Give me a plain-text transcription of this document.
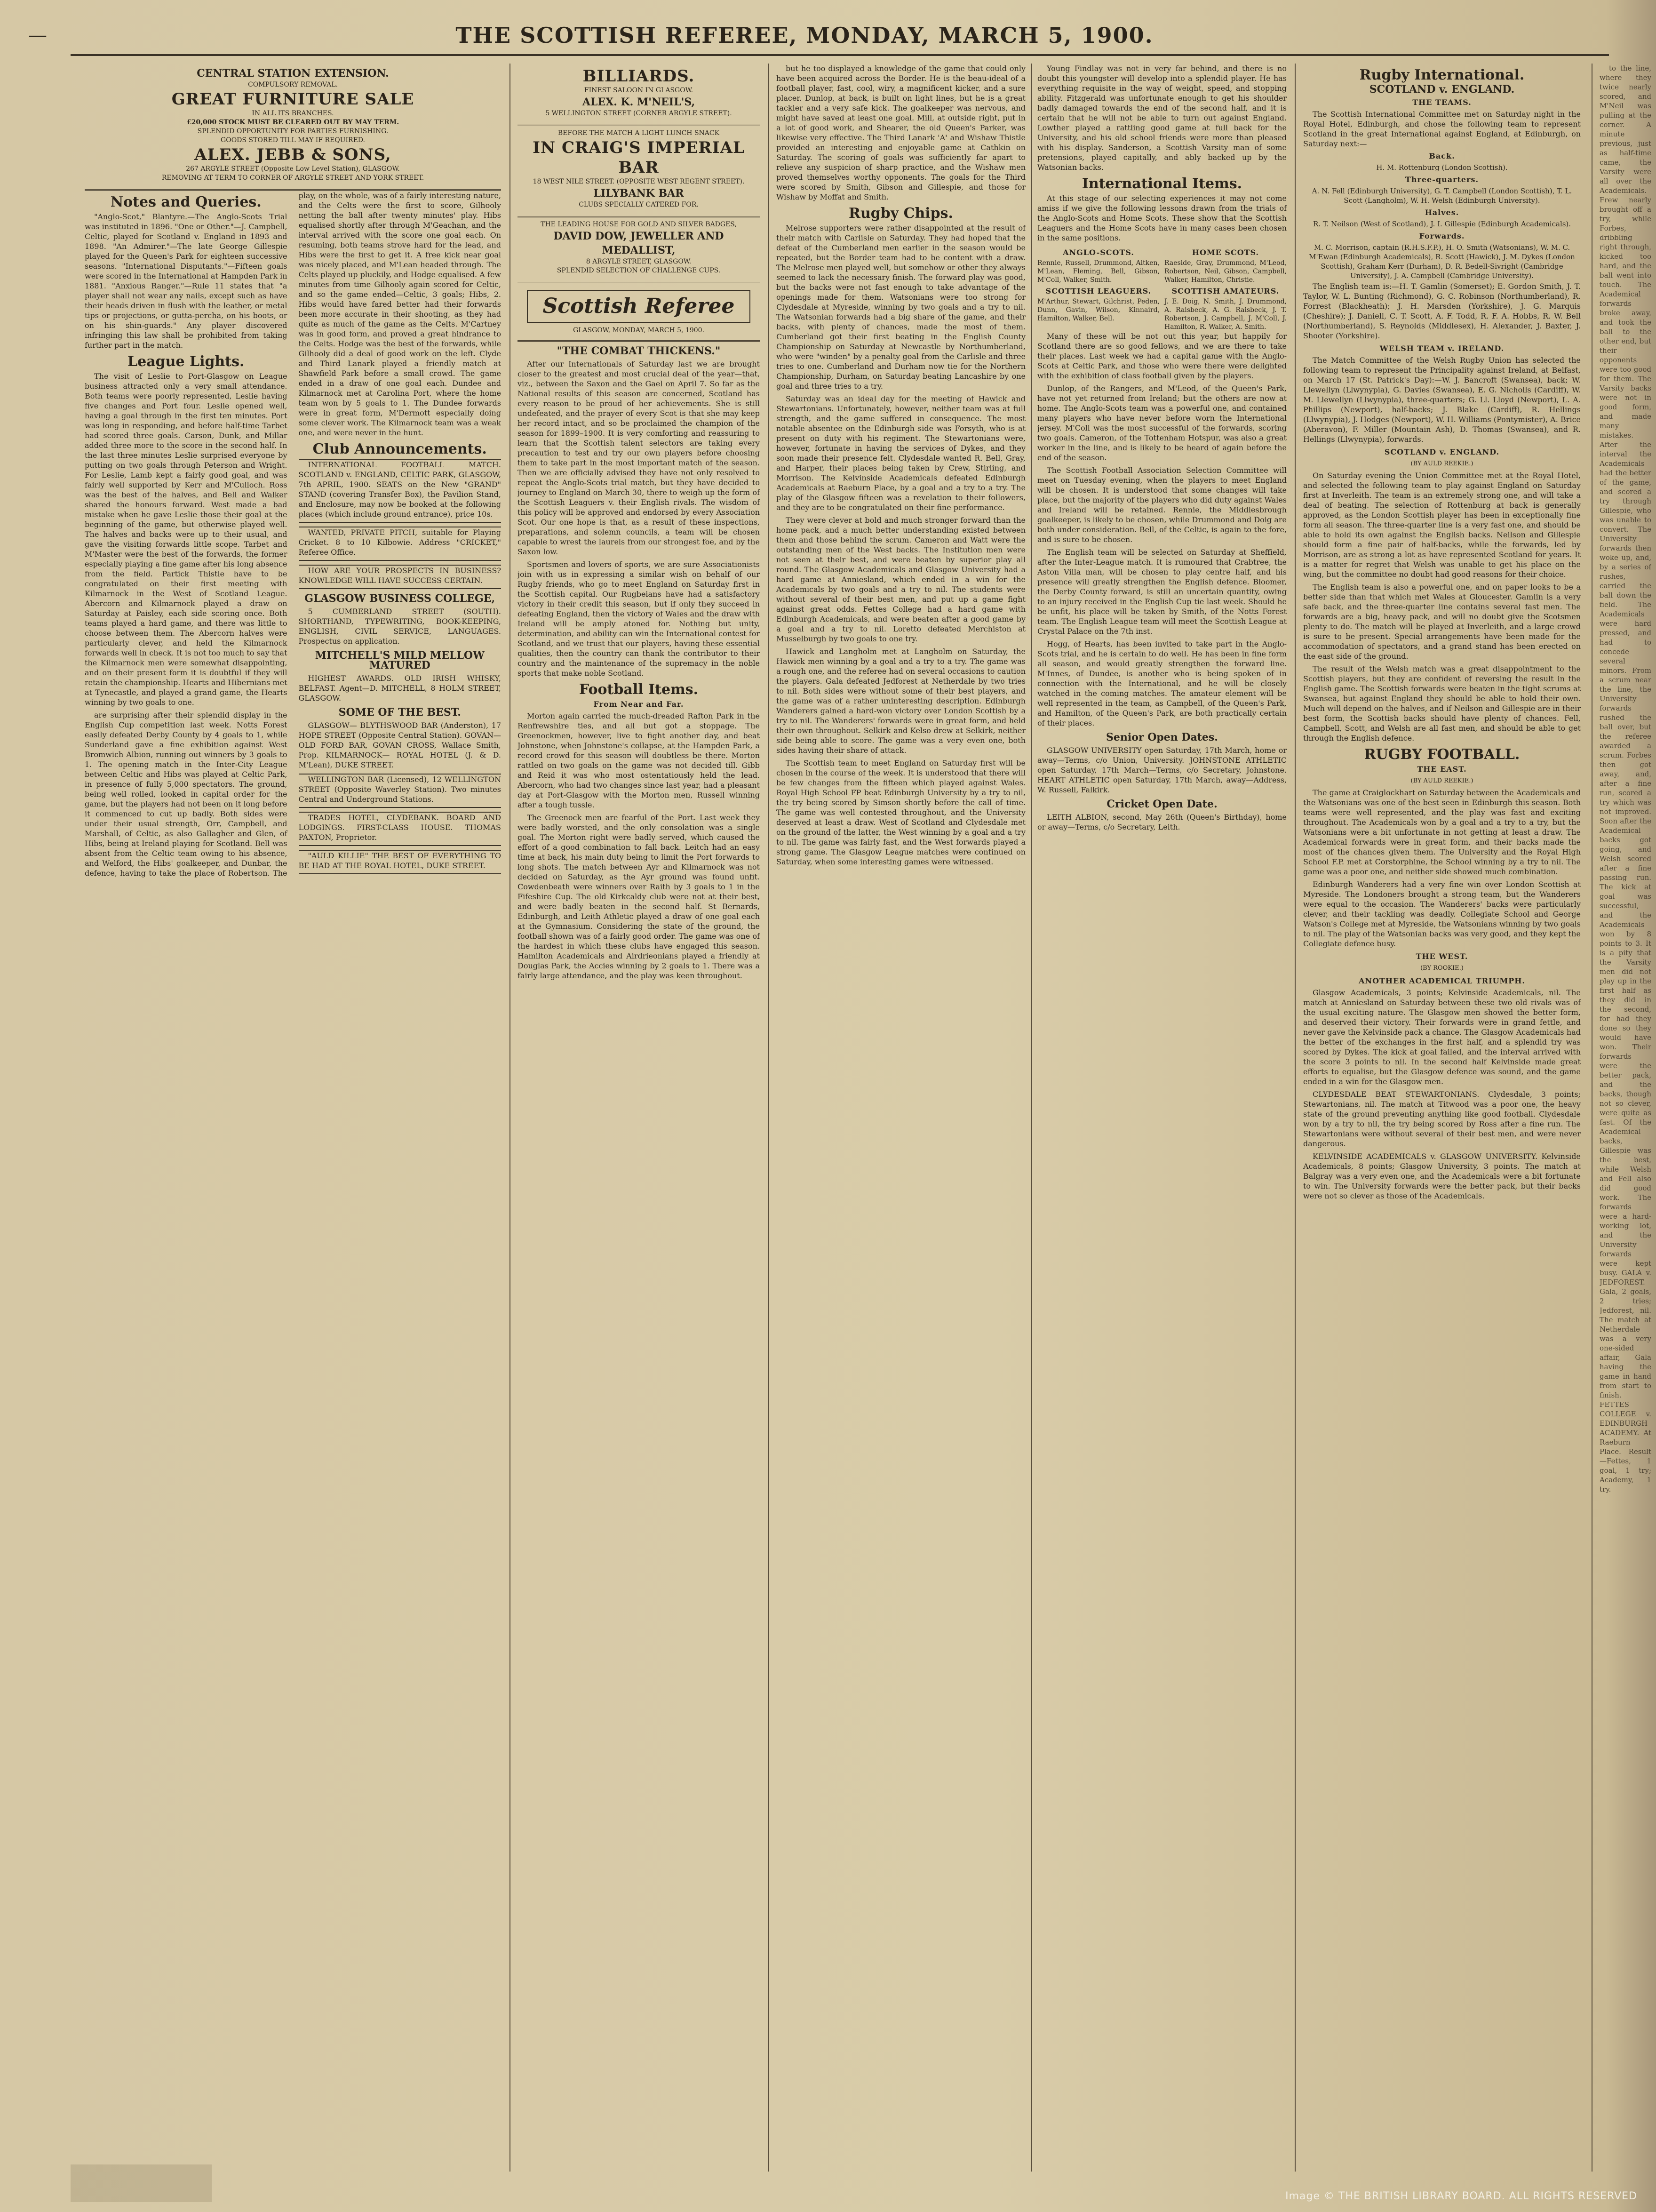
—	THE SCOTTISH REFEREE, MONDAY, MARCH 5, 1900.
CENTRAL STATION EXTENSION.
COMPULSORY REMOVAL.
GREAT FURNITURE SALE
IN ALL ITS BRANCHES.
£20,000 STOCK MUST BE CLEARED OUT BY MAY TERM.
SPLENDID OPPORTUNITY FOR PARTIES FURNISHING.
GOODS STORED TILL MAY IF REQUIRED.
ALEX. JEBB & SONS,
267 ARGYLE STREET (Opposite Low Level Station), GLASGOW.
REMOVING AT TERM TO CORNER OF ARGYLE STREET AND YORK STREET.
Notes and Queries.

"Anglo-Scot," Blantyre.—The Anglo-Scots Trial was instituted in 1896. "One or Other."—J. Campbell, Celtic, played for Scotland v. England in 1893 and 1898. "An Admirer."—The late George Gillespie played for the Queen's Park for eighteen successive seasons. "International Disputants."—Fifteen goals were scored in the International at Hampden Park in 1881. "Anxious Ranger."—Rule 11 states that "a player shall not wear any nails, except such as have their heads driven in flush with the leather, or metal tips or projections, or gutta-percha, on his boots, or on his shin-guards." Any player discovered infringing this law shall be prohibited from taking further part in the match.

League Lights.

The visit of Leslie to Port-Glasgow on League business attracted only a very small attendance. Both teams were poorly represented, Leslie having five changes and Port four. Leslie opened well, having a goal through in the first ten minutes. Port was long in responding, and before half-time Tarbet had scored three goals. Carson, Dunk, and Millar added three more to the score in the second half. In the last three minutes Leslie surprised everyone by putting on two goals through Peterson and Wright. For Leslie, Lamb kept a fairly good goal, and was fairly well supported by Kerr and M'Culloch. Ross was the best of the halves, and Bell and Walker shared the honours forward. West made a bad mistake when he gave Leslie those their goal at the beginning of the game, but otherwise played well. The halves and backs were up to their usual, and gave the visiting forwards little scope. Tarbet and M'Master were the best of the forwards, the former especially playing a fine game after his long absence from the field. Partick Thistle have to be congratulated on their first meeting with Kilmarnock in the West of Scotland League. Abercorn and Kilmarnock played a draw on Saturday at Paisley, each side scoring once. Both teams played a hard game, and there was little to choose between them. The Abercorn halves were particularly clever, and held the Kilmarnock forwards well in check. It is not too much to say that the Kilmarnock men were somewhat disappointing, and on their present form it is doubtful if they will retain the championship. Hearts and Hibernians met at Tynecastle, and played a grand game, the Hearts winning by two goals to one.

are surprising after their splendid display in the English Cup competition last week. Notts Forest easily defeated Derby County by 4 goals to 1, while Sunderland gave a fine exhibition against West Bromwich Albion, running out winners by 3 goals to 1. The opening match in the Inter-City League between Celtic and Hibs was played at Celtic Park, in presence of fully 5,000 spectators. The ground, being well rolled, looked in capital order for the game, but the players had not been on it long before it commenced to cut up badly. Both sides were under their usual strength, Orr, Campbell, and Marshall, of Celtic, as also Gallagher and Glen, of Hibs, being at Ireland playing for Scotland. Bell was absent from the Celtic team owing to his absence, and Welford, the Hibs' goalkeeper, and Dunbar, the defence, having to take the place of Robertson. The play, on the whole, was of a fairly interesting nature, and the Celts were the first to score, Gilhooly netting the ball after twenty minutes' play. Hibs equalised shortly after through M'Geachan, and the interval arrived with the score one goal each. On resuming, both teams strove hard for the lead, and Hibs were the first to get it. A free kick near goal was nicely placed, and M'Lean headed through. The Celts played up pluckily, and Hodge equalised. A few minutes from time Gilhooly again scored for Celtic, and so the game ended—Celtic, 3 goals; Hibs, 2. Hibs would have fared better had their forwards been more accurate in their shooting, as they had quite as much of the game as the Celts. M'Cartney was in good form, and proved a great hindrance to the Celts. Hodge was the best of the forwards, while Gilhooly did a deal of good work on the left. Clyde and Third Lanark played a friendly match at Shawfield Park before a small crowd. The game ended in a draw of one goal each. Dundee and Kilmarnock met at Carolina Port, where the home team won by 5 goals to 1. The Dundee forwards were in great form, M'Dermott especially doing some clever work. The Kilmarnock team was a weak one, and were never in the hunt.

Club Announcements.

INTERNATIONAL FOOTBALL MATCH. SCOTLAND v. ENGLAND, CELTIC PARK, GLASGOW, 7th APRIL, 1900. SEATS on the New "GRAND" STAND (covering Transfer Box), the Pavilion Stand, and Enclosure, may now be booked at the following places (which include ground entrance), price 10s.

WANTED, PRIVATE PITCH, suitable for Playing Cricket. 8 to 10 Kilbowie. Address "CRICKET," Referee Office.

HOW ARE YOUR PROSPECTS IN BUSINESS? KNOWLEDGE WILL HAVE SUCCESS CERTAIN.

GLASGOW BUSINESS COLLEGE,

5 CUMBERLAND STREET (SOUTH). SHORTHAND, TYPEWRITING, BOOK-KEEPING, ENGLISH, CIVIL SERVICE, LANGUAGES. Prospectus on application.

MITCHELL'S MILD MELLOW MATURED

HIGHEST AWARDS. OLD IRISH WHISKY, BELFAST. Agent—D. MITCHELL, 8 HOLM STREET, GLASGOW.

SOME OF THE BEST.

GLASGOW— BLYTHSWOOD BAR (Anderston), 17 HOPE STREET (Opposite Central Station). GOVAN— OLD FORD BAR, GOVAN CROSS, Wallace Smith, Prop. KILMARNOCK— ROYAL HOTEL (J. & D. M'Lean), DUKE STREET.

WELLINGTON BAR (Licensed), 12 WELLINGTON STREET (Opposite Waverley Station). Two minutes Central and Underground Stations.

TRADES HOTEL, CLYDEBANK. BOARD AND LODGINGS. FIRST-CLASS HOUSE. THOMAS PAXTON, Proprietor.

"AULD KILLIE" THE BEST OF EVERYTHING TO BE HAD AT THE ROYAL HOTEL, DUKE STREET.

BILLIARDS.
FINEST SALOON IN GLASGOW.
ALEX. K. M'NEIL'S,
5 WELLINGTON STREET (CORNER ARGYLE STREET).
BEFORE THE MATCH A LIGHT LUNCH SNACK
IN CRAIG'S IMPERIAL BAR
18 WEST NILE STREET. (OPPOSITE WEST REGENT STREET).
LILYBANK BAR
CLUBS SPECIALLY CATERED FOR.
THE LEADING HOUSE FOR GOLD AND SILVER BADGES,
DAVID DOW, JEWELLER AND MEDALLIST,
8 ARGYLE STREET, GLASGOW.
SPLENDID SELECTION OF CHALLENGE CUPS.
Scottish Referee
GLASGOW, MONDAY, MARCH 5, 1900.
"THE COMBAT THICKENS."

After our Internationals of Saturday last we are brought closer to the greatest and most crucial deal of the year—that, viz., between the Saxon and the Gael on April 7. So far as the National results of this season are concerned, Scotland has every reason to be proud of her achievements. She is still undefeated, and the prayer of every Scot is that she may keep her record intact, and so be proclaimed the champion of the season for 1899–1900. It is very comforting and reassuring to learn that the Scottish talent selectors are taking every precaution to test and try our own players before choosing them to take part in the most important match of the season. Then we are officially advised they have not only resolved to repeat the Anglo-Scots trial match, but they have decided to journey to England on March 30, there to weigh up the form of the Scottish Leaguers v. their English rivals. The wisdom of this policy will be approved and endorsed by every Association Scot. Our one hope is that, as a result of these inspections, preparations, and solemn councils, a team will be chosen capable to wrest the laurels from our strongest foe, and by the Saxon low.

Sportsmen and lovers of sports, we are sure Associationists join with us in expressing a similar wish on behalf of our Rugby friends, who go to meet England on Saturday first in the Scottish capital. Our Rugbeians have had a satisfactory victory in their credit this season, but if only they succeed in defeating England, then the victory of Wales and the draw with Ireland will be amply atoned for. Nothing but unity, determination, and ability can win the International contest for Scotland, and we trust that our players, having these essential qualities, then the country can thank the contributor to their country and the maintenance of the supremacy in the noble sports that make noble Scotland.

Football Items.
From Near and Far.

Morton again carried the much-dreaded Rafton Park in the Renfrewshire ties, and all but got a stoppage. The Greenockmen, however, live to fight another day, and beat Johnstone, when Johnstone's collapse, at the Hampden Park, a record crowd for this season will doubtless be there. Morton rattled on two goals on the game was not decided till. Gibb and Reid it was who most ostentatiously held the lead. Abercorn, who had two changes since last year, had a pleasant day at Port-Glasgow with the Morton men, Russell winning after a tough tussle.

The Greenock men are fearful of the Port. Last week they were badly worsted, and the only consolation was a single goal. The Morton right were badly served, which caused the effort of a good combination to fall back. Leitch had an easy time at back, his main duty being to limit the Port forwards to long shots. The match between Ayr and Kilmarnock was not decided on Saturday, as the Ayr ground was found unfit. Cowdenbeath were winners over Raith by 3 goals to 1 in the Fifeshire Cup. The old Kirkcaldy club were not at their best, and were badly beaten in the second half. St Bernards, Edinburgh, and Leith Athletic played a draw of one goal each at the Gymnasium. Considering the state of the ground, the football shown was of a fairly good order. The game was one of the hardest in which these clubs have engaged this season. Hamilton Academicals and Airdrieonians played a friendly at Douglas Park, the Accies winning by 2 goals to 1. There was a fairly large attendance, and the play was keen throughout.

but he too displayed a knowledge of the game that could only have been acquired across the Border. He is the beau-ideal of a football player, fast, cool, wiry, a magnificent kicker, and a sure placer. Dunlop, at back, is built on light lines, but he is a great tackler and a very safe kick. The goalkeeper was nervous, and might have saved at least one goal. Mill, at outside right, put in a lot of good work, and Shearer, the old Queen's Parker, was likewise very effective. The Third Lanark 'A' and Wishaw Thistle provided an interesting and enjoyable game at Cathkin on Saturday. The scoring of goals was sufficiently far apart to relieve any suspicion of sharp practice, and the Wishaw men proved themselves worthy opponents. The goals for the Third were scored by Smith, Gibson and Gillespie, and those for Wishaw by Moffat and Smith.

Rugby Chips.

Melrose supporters were rather disappointed at the result of their match with Carlisle on Saturday. They had hoped that the defeat of the Cumberland men earlier in the season would be repeated, but the Border team had to be content with a draw. The Melrose men played well, but somehow or other they always seemed to lack the necessary finish. The forward play was good, but the backs were not fast enough to take advantage of the openings made for them. Watsonians were too strong for Clydesdale at Myreside, winning by two goals and a try to nil. The Watsonian forwards had a big share of the game, and their backs, with plenty of chances, made the most of them. Cumberland got their first beating in the English County Championship on Saturday at Newcastle by Northumberland, who were "winden" by a penalty goal from the Carlisle and three tries to one. Cumberland and Durham now tie for the Northern Championship, Durham, on Saturday beating Lancashire by one goal and three tries to a try.

Saturday was an ideal day for the meeting of Hawick and Stewartonians. Unfortunately, however, neither team was at full strength, and the game suffered in consequence. The most notable absentee on the Edinburgh side was Forsyth, who is at present on duty with his regiment. The Stewartonians were, however, fortunate in having the services of Dykes, and they soon made their presence felt. Clydesdale wanted R. Bell, Gray, and Harper, their places being taken by Crew, Stirling, and Morrison. The Kelvinside Academicals defeated Edinburgh Academicals at Raeburn Place, by a goal and a try to a try. The play of the Glasgow fifteen was a revelation to their followers, and they are to be congratulated on their fine performance.

They were clever at bold and much stronger forward than the home pack, and a much better understanding existed between them and those behind the scrum. Cameron and Watt were the outstanding men of the West backs. The Institution men were not seen at their best, and were beaten by superior play all round. The Glasgow Academicals and Glasgow University had a hard game at Anniesland, which ended in a win for the Academicals by two goals and a try to nil. The students were without several of their best men, and put up a game fight against great odds. Fettes College had a hard game with Edinburgh Academicals, and were beaten after a good game by a goal and a try to nil. Loretto defeated Merchiston at Musselburgh by two goals to one try.

Hawick and Langholm met at Langholm on Saturday, the Hawick men winning by a goal and a try to a try. The game was a rough one, and the referee had on several occasions to caution the players. Gala defeated Jedforest at Netherdale by two tries to nil. Both sides were without some of their best players, and the game was of a rather uninteresting description. Edinburgh Wanderers gained a hard-won victory over London Scottish by a try to nil. The Wanderers' forwards were in great form, and held their own throughout. Selkirk and Kelso drew at Selkirk, neither side being able to score. The game was a very even one, both sides having their share of attack.

The Scottish team to meet England on Saturday first will be chosen in the course of the week. It is understood that there will be few changes from the fifteen which played against Wales. Royal High School FP beat Edinburgh University by a try to nil, the try being scored by Simson shortly before the call of time. The game was well contested throughout, and the University deserved at least a draw. West of Scotland and Clydesdale met on the ground of the latter, the West winning by a goal and a try to nil. The game was fairly fast, and the West forwards played a strong game. The Glasgow League matches were continued on Saturday, when some interesting games were witnessed.

Young Findlay was not in very far behind, and there is no doubt this youngster will develop into a splendid player. He has everything requisite in the way of weight, speed, and stopping ability. Fitzgerald was unfortunate enough to get his shoulder badly damaged towards the end of the second half, and it is certain that he will not be able to turn out against England. Lowther played a rattling good game at full back for the University, and his old school friends were more than pleased with his display. Sanderson, a Scottish Varsity man of some pretensions, played capitally, and ably backed up by the Watsonian backs.

International Items.

At this stage of our selecting experiences it may not come amiss if we give the following lessons drawn from the trials of the Anglo-Scots and Home Scots. These show that the Scottish Leaguers and the Home Scots have in many cases been chosen in the same positions.

ANGLO-SCOTS.
Rennie, Russell, Drummond, Aitken, M'Lean, Fleming, Bell, Gibson, M'Coll, Walker, Smith.
SCOTTISH LEAGUERS.
M'Arthur, Stewart, Gilchrist, Peden, Dunn, Gavin, Wilson, Kinnaird, Hamilton, Walker, Bell.
HOME SCOTS.
Raeside, Gray, Drummond, M'Leod, Robertson, Neil, Gibson, Campbell, Walker, Hamilton, Christie.
SCOTTISH AMATEURS.
J. E. Doig, N. Smith, J. Drummond, A. Raisbeck, A. G. Raisbeck, J. T. Robertson, J. Campbell, J. M'Coll, J. Hamilton, R. Walker, A. Smith.

Many of these will be not out this year, but happily for Scotland there are so good fellows, and we are there to take their places. Last week we had a capital game with the Anglo-Scots at Celtic Park, and those who were there were delighted with the exhibition of class football given by the players.

Dunlop, of the Rangers, and M'Leod, of the Queen's Park, have not yet returned from Ireland; but the others are now at home. The Anglo-Scots team was a powerful one, and contained many players who have never before worn the International jersey. M'Coll was the most successful of the forwards, scoring two goals. Cameron, of the Tottenham Hotspur, was also a great worker in the line, and is likely to be heard of again before the end of the season.

The Scottish Football Association Selection Committee will meet on Tuesday evening, when the players to meet England will be chosen. It is understood that some changes will take place, but the majority of the players who did duty against Wales and Ireland will be retained. Rennie, the Middlesbrough goalkeeper, is likely to be chosen, while Drummond and Doig are both under consideration. Bell, of the Celtic, is again to the fore, and is sure to be chosen.

The English team will be selected on Saturday at Sheffield, after the Inter-League match. It is rumoured that Crabtree, the Aston Villa man, will be chosen to play centre half, and his presence will greatly strengthen the English defence. Bloomer, the Derby County forward, is still an uncertain quantity, owing to an injury received in the English Cup tie last week. Should he be unfit, his place will be taken by Smith, of the Notts Forest team. The English League team will meet the Scottish League at Crystal Palace on the 7th inst.

Hogg, of Hearts, has been invited to take part in the Anglo-Scots trial, and he is certain to do well. He has been in fine form all season, and would greatly strengthen the forward line. M'Innes, of Dundee, is another who is being spoken of in connection with the International, and he will be closely watched in the coming matches. The amateur element will be well represented in the team, as Campbell, of the Queen's Park, and Hamilton, of the Queen's Park, are both practically certain of their places.

Senior Open Dates.

GLASGOW UNIVERSITY open Saturday, 17th March, home or away—Terms, c/o Union, University. JOHNSTONE ATHLETIC open Saturday, 17th March—Terms, c/o Secretary, Johnstone. HEART ATHLETIC open Saturday, 17th March, away—Address, W. Russell, Falkirk.

Cricket Open Date.

LEITH ALBION, second, May 26th (Queen's Birthday), home or away—Terms, c/o Secretary, Leith.

Rugby International.
SCOTLAND v. ENGLAND.
THE TEAMS.

The Scottish International Committee met on Saturday night in the Royal Hotel, Edinburgh, and chose the following team to represent Scotland in the great International against England, at Edinburgh, on Saturday next:—

Back.
H. M. Rottenburg (London Scottish).
Three-quarters.
A. N. Fell (Edinburgh University), G. T. Campbell (London Scottish), T. L. Scott (Langholm), W. H. Welsh (Edinburgh University).
Halves.
R. T. Neilson (West of Scotland), J. I. Gillespie (Edinburgh Academicals).
Forwards.
M. C. Morrison, captain (R.H.S.F.P.), H. O. Smith (Watsonians), W. M. C. M'Ewan (Edinburgh Academicals), R. Scott (Hawick), J. M. Dykes (London Scottish), Graham Kerr (Durham), D. R. Bedell-Sivright (Cambridge University), J. A. Campbell (Cambridge University).

The English team is:—H. T. Gamlin (Somerset); E. Gordon Smith, J. T. Taylor, W. L. Bunting (Richmond), G. C. Robinson (Northumberland), R. Forrest (Blackheath); J. H. Marsden (Yorkshire), J. G. Marquis (Cheshire); J. Daniell, C. T. Scott, A. F. Todd, R. F. A. Hobbs, R. W. Bell (Northumberland), S. Reynolds (Middlesex), H. Alexander, J. Baxter, J. Shooter (Yorkshire).

WELSH TEAM v. IRELAND.

The Match Committee of the Welsh Rugby Union has selected the following team to represent the Principality against Ireland, at Belfast, on March 17 (St. Patrick's Day):—W. J. Bancroft (Swansea), back; W. Llewellyn (Llwynypia), G. Davies (Swansea), E. G. Nicholls (Cardiff), W. M. Llewellyn (Llwynypia), three-quarters; G. Ll. Lloyd (Newport), L. A. Phillips (Newport), half-backs; J. Blake (Cardiff), R. Hellings (Llwynypia), J. Hodges (Newport), W. H. Williams (Pontymister), A. Brice (Aberavon), F. Miller (Mountain Ash), D. Thomas (Swansea), and R. Hellings (Llwynypia), forwards.

SCOTLAND v. ENGLAND.
(BY AULD REEKIE.)

On Saturday evening the Union Committee met at the Royal Hotel, and selected the following team to play against England on Saturday first at Inverleith. The team is an extremely strong one, and will take a deal of beating. The selection of Rottenburg at back is generally approved, as the London Scottish player has been in exceptionally fine form all season. The three-quarter line is a very fast one, and should be able to hold its own against the English backs. Neilson and Gillespie should form a fine pair of half-backs, while the forwards, led by Morrison, are as strong a lot as have represented Scotland for years. It is a matter for regret that Welsh was unable to get his place on the wing, but the committee no doubt had good reasons for their choice.

The English team is also a powerful one, and on paper looks to be a better side than that which met Wales at Gloucester. Gamlin is a very safe back, and the three-quarter line contains several fast men. The forwards are a big, heavy pack, and will no doubt give the Scotsmen plenty to do. The match will be played at Inverleith, and a large crowd is sure to be present. Special arrangements have been made for the accommodation of spectators, and a grand stand has been erected on the east side of the ground.

The result of the Welsh match was a great disappointment to the Scottish players, but they are confident of reversing the result in the English game. The Scottish forwards were beaten in the tight scrums at Swansea, but against England they should be able to hold their own. Much will depend on the halves, and if Neilson and Gillespie are in their best form, the Scottish backs should have plenty of chances. Fell, Campbell, Scott, and Welsh are all fast men, and should be able to get through the English defence.

RUGBY FOOTBALL.
THE EAST.
(BY AULD REEKIE.)

The game at Craiglockhart on Saturday between the Academicals and the Watsonians was one of the best seen in Edinburgh this season. Both teams were well represented, and the play was fast and exciting throughout. The Academicals won by a goal and a try to a try, but the Watsonians were a bit unfortunate in not getting at least a draw. The Academical forwards were in great form, and their backs made the most of the chances given them. The University and the Royal High School F.P. met at Corstorphine, the School winning by a try to nil. The game was a poor one, and neither side showed much combination.

Edinburgh Wanderers had a very fine win over London Scottish at Myreside. The Londoners brought a strong team, but the Wanderers were equal to the occasion. The Wanderers' backs were particularly clever, and their tackling was deadly. Collegiate School and George Watson's College met at Myreside, the Watsonians winning by two goals to nil. The play of the Watsonian backs was very good, and they kept the Collegiate defence busy.

THE WEST.
(BY ROOKIE.)
ANOTHER ACADEMICAL TRIUMPH.

Glasgow Academicals, 3 points; Kelvinside Academicals, nil. The match at Anniesland on Saturday between these two old rivals was of the usual exciting nature. The Glasgow men showed the better form, and deserved their victory. Their forwards were in grand fettle, and never gave the Kelvinside pack a chance. The Glasgow Academicals had the better of the exchanges in the first half, and a splendid try was scored by Dykes. The kick at goal failed, and the interval arrived with the score 3 points to nil. In the second half Kelvinside made great efforts to equalise, but the Glasgow defence was sound, and the game ended in a win for the Glasgow men.

CLYDESDALE BEAT STEWARTONIANS. Clydesdale, 3 points; Stewartonians, nil. The match at Titwood was a poor one, the heavy state of the ground preventing anything like good football. Clydesdale won by a try to nil, the try being scored by Ross after a fine run. The Stewartonians were without several of their best men, and were never dangerous.

KELVINSIDE ACADEMICALS v. GLASGOW UNIVERSITY. Kelvinside Academicals, 8 points; Glasgow University, 3 points. The match at Balgray was a very even one, and the Academicals were a bit fortunate to win. The University forwards were the better pack, but their backs were not so clever as those of the Academicals.

to the line, where they twice nearly scored, and M'Neil was pulling at the corner. A minute previous, just as half-time came, the Varsity were all over the Academicals. Frew nearly brought off a try, while Forbes, dribbling right through, kicked too hard, and the ball went into touch. The Academical forwards broke away, and took the ball to the other end, but their opponents were too good for them. The Varsity backs were not in good form, and made many mistakes. After the interval the Academicals had the better of the game, and scored a try through Gillespie, who was unable to convert. The University forwards then woke up, and, by a series of rushes, carried the ball down the field. The Academicals were hard pressed, and had to concede several minors. From a scrum near the line, the University forwards rushed the ball over, but the referee awarded a scrum. Forbes then got away, and, after a fine run, scored a try which was not improved. Soon after the Academical backs got going, and Welsh scored after a fine passing run. The kick at goal was successful, and the Academicals won by 8 points to 3. It is a pity that the Varsity men did not play up in the first half as they did in the second, for had they done so they would have won. Their forwards were the better pack, and the backs, though not so clever, were quite as fast. Of the Academical backs, Gillespie was the best, while Welsh and Fell also did good work. The forwards were a hard-working lot, and the University forwards were kept busy. GALA v. JEDFOREST. Gala, 2 goals, 2 tries; Jedforest, nil. The match at Netherdale was a very one-sided affair, Gala having the game in hand from start to finish. FETTES COLLEGE v. EDINBURGH ACADEMY. At Raeburn Place. Result—Fettes, 1 goal, 1 try; Academy, 1 try.

Image © THE BRITISH LIBRARY BOARD. ALL RIGHTS RESERVED
